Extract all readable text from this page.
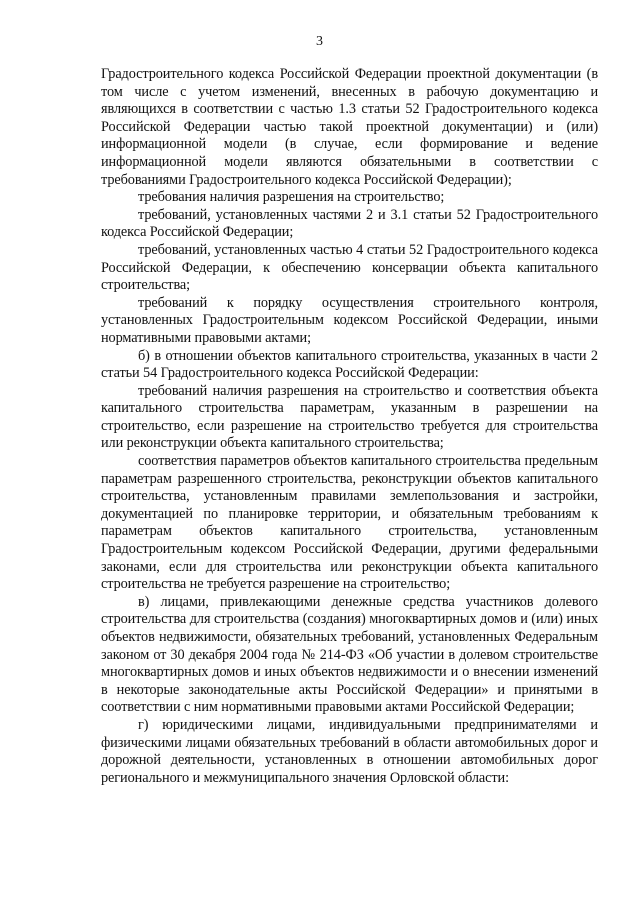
3

Градостроительного кодекса Российской Федерации проектной документации (в том числе с учетом изменений, внесенных в рабочую документацию и являющихся в соответствии с частью 1.3 статьи 52 Градостроительного кодекса Российской Федерации частью такой проектной документации) и (или) информационной модели (в случае, если формирование и ведение информационной модели являются обязательными в соответствии с требованиями Градостроительного кодекса Российской Федерации);

требования наличия разрешения на строительство;

требований, установленных частями 2 и 3.1 статьи 52 Градостроительного кодекса Российской Федерации;

требований, установленных частью 4 статьи 52 Градостроительного кодекса Российской Федерации, к обеспечению консервации объекта капитального строительства;

требований к порядку осуществления строительного контроля, установленных Градостроительным кодексом Российской Федерации, иными нормативными правовыми актами;

б) в отношении объектов капитального строительства, указанных в части 2 статьи 54 Градостроительного кодекса Российской Федерации:

требований наличия разрешения на строительство и соответствия объекта капитального строительства параметрам, указанным в разрешении на строительство, если разрешение на строительство требуется для строительства или реконструкции объекта капитального строительства;

соответствия параметров объектов капитального строительства предельным параметрам разрешенного строительства, реконструкции объектов капитального строительства, установленным правилами землепользования и застройки, документацией по планировке территории, и обязательным требованиям к параметрам объектов капитального строительства, установленным Градостроительным кодексом Российской Федерации, другими федеральными законами, если для строительства или реконструкции объекта капитального строительства не требуется разрешение на строительство;

в) лицами, привлекающими денежные средства участников долевого строительства для строительства (создания) многоквартирных домов и (или) иных объектов недвижимости, обязательных требований, установленных Федеральным законом от 30 декабря 2004 года № 214-ФЗ «Об участии в долевом строительстве многоквартирных домов и иных объектов недвижимости и о внесении изменений в некоторые законодательные акты Российской Федерации» и принятыми в соответствии с ним нормативными правовыми актами Российской Федерации;

г) юридическими лицами, индивидуальными предпринимателями и физическими лицами обязательных требований в области автомобильных дорог и дорожной деятельности, установленных в отношении автомобильных дорог регионального и межмуниципального значения Орловской области:
